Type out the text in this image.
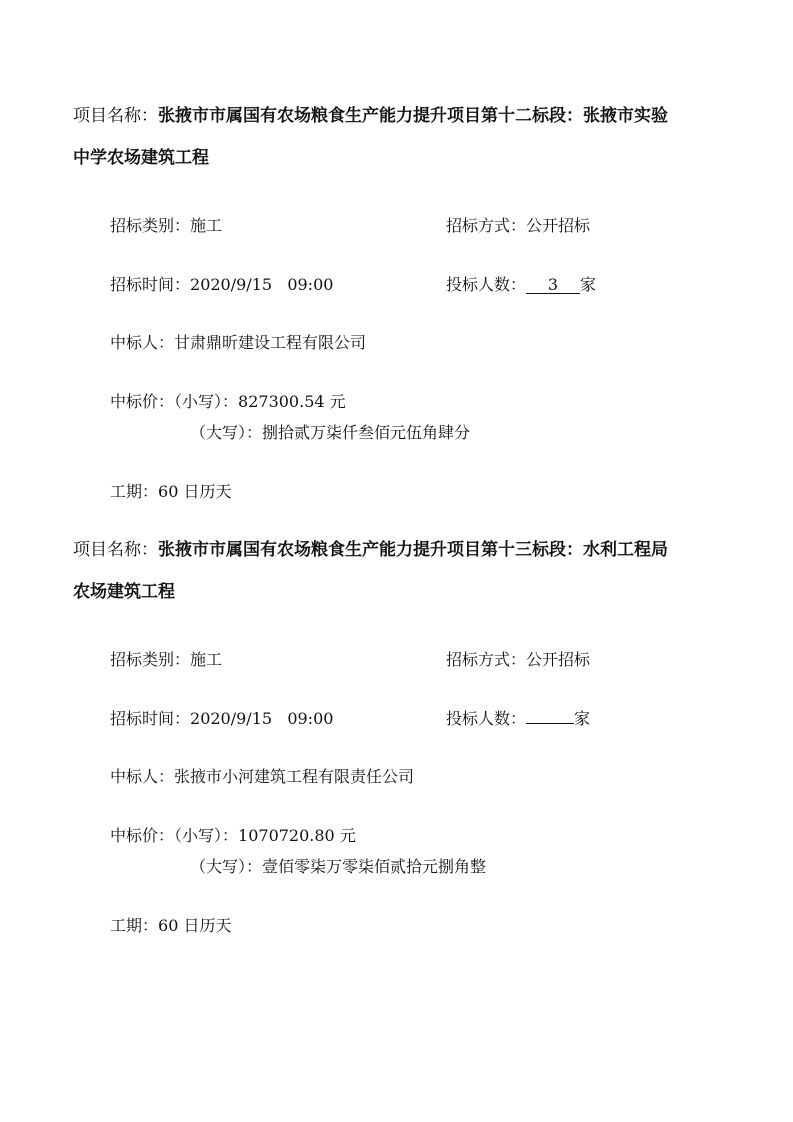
项目名称：张掖市市属国有农场粮食生产能力提升项目第十二标段：张掖市实验
中学农场建筑工程
招标类别：施工	招标方式：公开招标
招标时间：2020/9/15   09:00	投标人数： 3 家
中标人：甘肃鼎昕建设工程有限公司
中标价：（小写）：827300.54 元
（大写）：捌拾贰万柒仟叁佰元伍角肆分
工期：60 日历天
项目名称：张掖市市属国有农场粮食生产能力提升项目第十三标段：水利工程局
农场建筑工程
招标类别：施工	招标方式：公开招标
招标时间：2020/9/15   09:00	投标人数：	家
中标人：张掖市小河建筑工程有限责任公司
中标价：（小写）：1070720.80 元
（大写）：壹佰零柒万零柒佰贰拾元捌角整
工期：60 日历天
